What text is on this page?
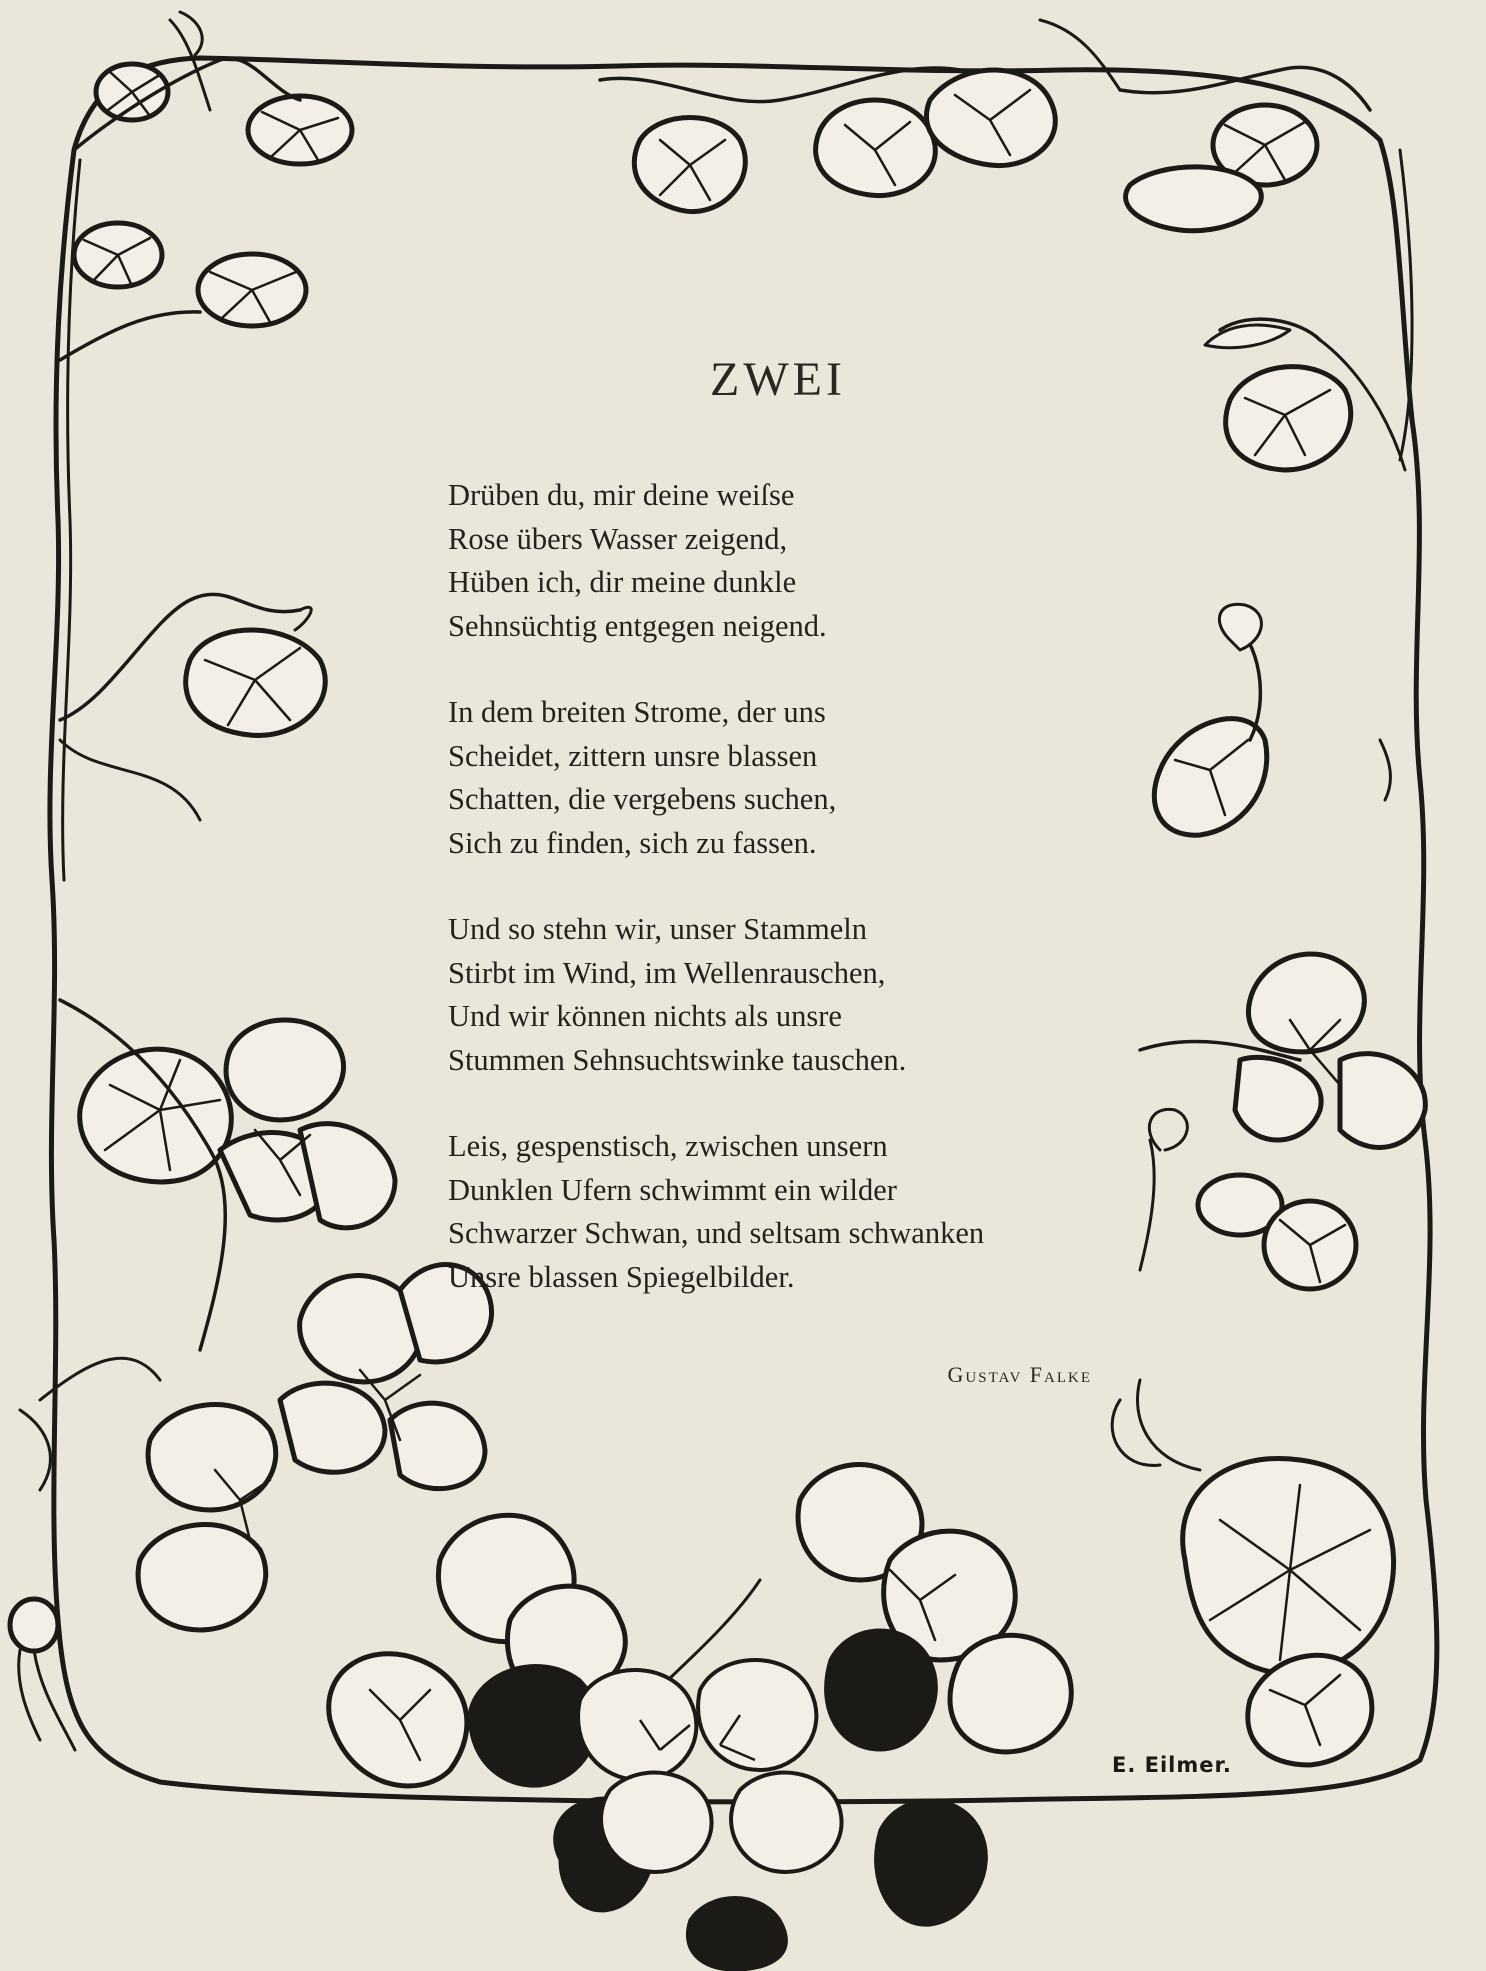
ZWEI
Drüben du, mir deine weiſse
Rose übers Wasser zeigend,
Hüben ich, dir meine dunkle
Sehnsüchtig entgegen neigend.
In dem breiten Strome, der uns
Scheidet, zittern unsre blassen
Schatten, die vergebens suchen,
Sich zu finden, sich zu fassen.
Und so stehn wir, unser Stammeln
Stirbt im Wind, im Wellenrauschen,
Und wir können nichts als unsre
Stummen Sehnsuchtswinke tauschen.
Leis, gespenstisch, zwischen unsern
Dunklen Ufern schwimmt ein wilder
Schwarzer Schwan, und seltsam schwanken
Unsre blassen Spiegelbilder.
Gustav Falke
E. Eilmer.
